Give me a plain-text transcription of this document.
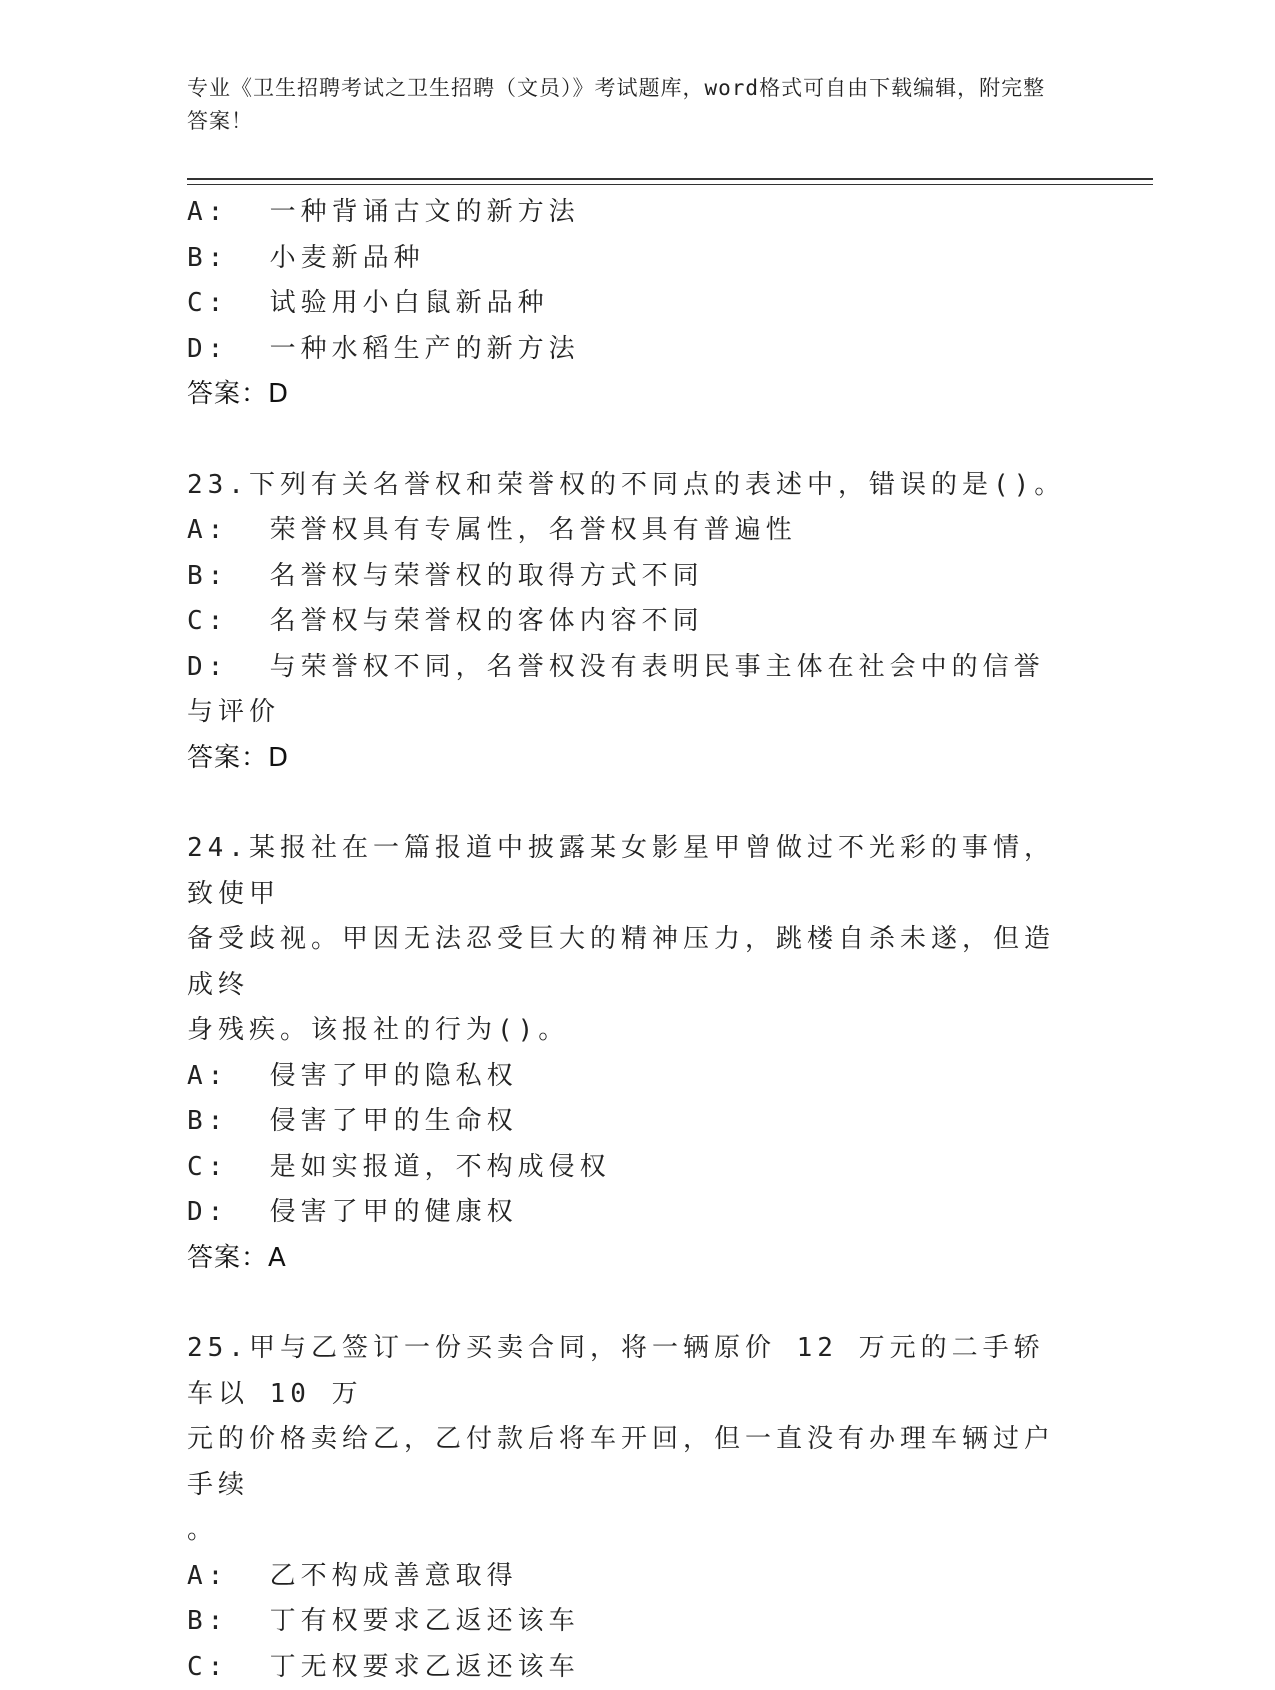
专业《卫生招聘考试之卫生招聘（文员）》考试题库，word格式可自由下载编辑，附完整答案！
A:  一种背诵古文的新方法
B:  小麦新品种
C:  试验用小白鼠新品种
D:  一种水稻生产的新方法
答案：D
23.下列有关名誉权和荣誉权的不同点的表述中，错误的是()。
A:  荣誉权具有专属性，名誉权具有普遍性
B:  名誉权与荣誉权的取得方式不同
C:  名誉权与荣誉权的客体内容不同
D:  与荣誉权不同，名誉权没有表明民事主体在社会中的信誉与评价
答案：D
24.某报社在一篇报道中披露某女影星甲曾做过不光彩的事情，致使甲
备受歧视。甲因无法忍受巨大的精神压力，跳楼自杀未遂，但造成终
身残疾。该报社的行为()。
A:  侵害了甲的隐私权
B:  侵害了甲的生命权
C:  是如实报道，不构成侵权
D:  侵害了甲的健康权
答案：A
25.甲与乙签订一份买卖合同，将一辆原价 12 万元的二手轿车以 10 万
元的价格卖给乙，乙付款后将车开回，但一直没有办理车辆过户手续
。
A:  乙不构成善意取得
B:  丁有权要求乙返还该车
C:  丁无权要求乙返还该车
